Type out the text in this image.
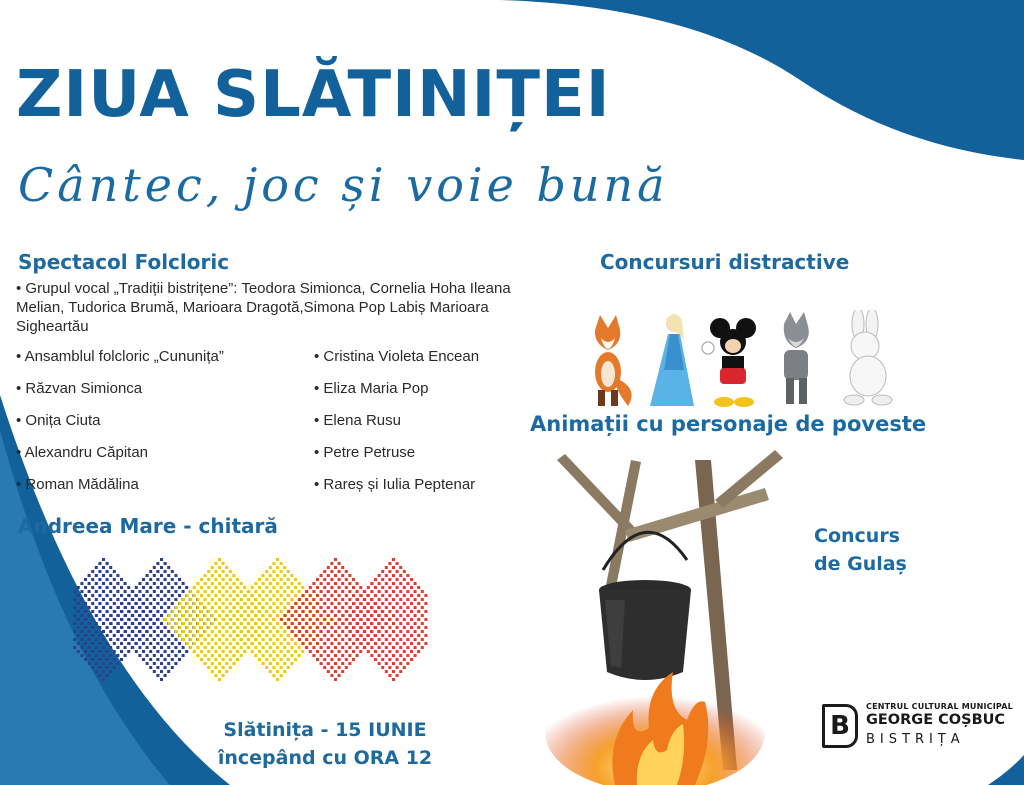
ZIUA SLĂTINIȚEI
Cântec, joc și voie bună
Spectacol Folcloric
• Grupul vocal „Tradiții bistrițene”: Teodora Simionca, Cornelia Hoha Ileana Melian, Tudorica Brumă, Marioara Dragotă,Simona Pop Labiș Marioara Sigheartău
• Ansamblul folcloric „Cununița”
• Răzvan Simionca
• Onița Ciuta
• Alexandru Căpitan
• Roman Mădălina
• Cristina Violeta Encean
• Eliza Maria Pop
• Elena Rusu
• Petre Petruse
• Rareș și Iulia Peptenar
Andreea Mare - chitară
Concursuri distractive
Animații cu personaje de poveste
Concurs
de Gulaș
Slătinița - 15 IUNIE
începând cu ORA 12
B
CENTRUL CULTURAL MUNICIPAL
GEORGE COȘBUC
BISTRIȚA
